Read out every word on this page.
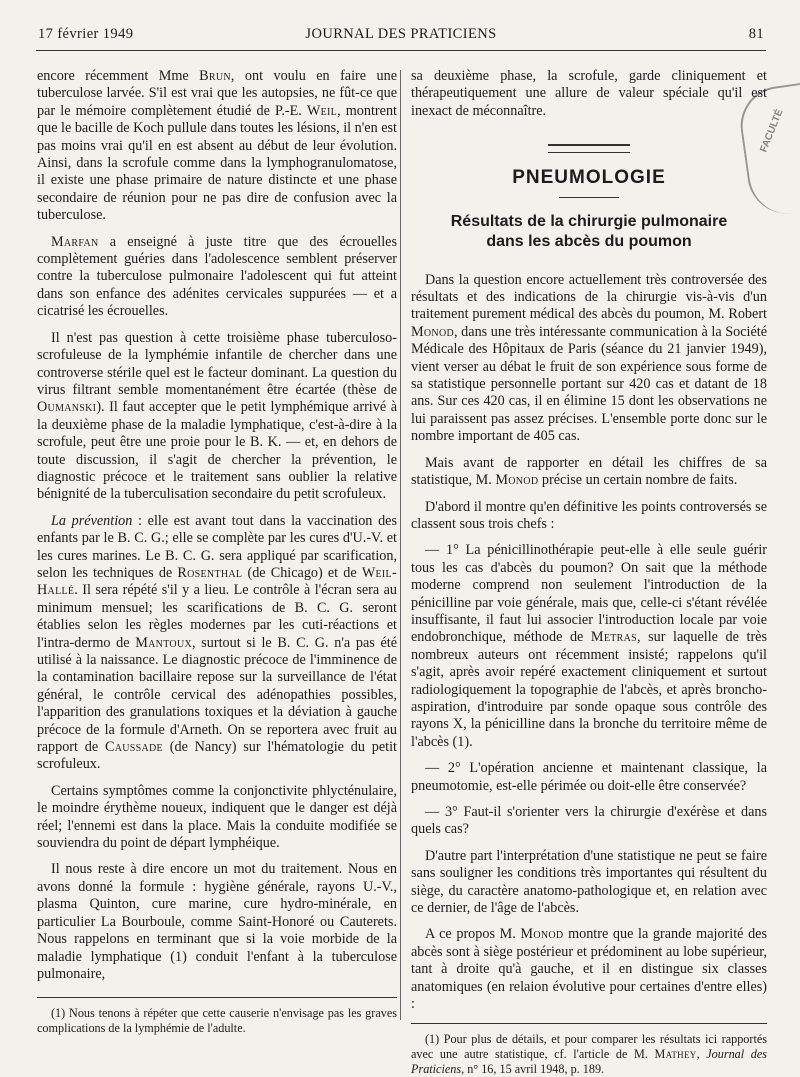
17 février 1949	JOURNAL DES PRATICIENS	81
FACULTÉ

encore récemment Mme Brun, ont voulu en faire une tuberculose larvée. S'il est vrai que les autopsies, ne fût-ce que par le mémoire complètement étudié de P.-E. Weil, montrent que le bacille de Koch pullule dans toutes les lésions, il n'en est pas moins vrai qu'il en est absent au début de leur évolution. Ainsi, dans la scrofule comme dans la lymphogranulomatose, il existe une phase primaire de nature distincte et une phase secondaire de réunion pour ne pas dire de confusion avec la tuberculose.

Marfan a enseigné à juste titre que des écrouelles complètement guéries dans l'adolescence semblent préserver contre la tuberculose pulmonaire l'adolescent qui fut atteint dans son enfance des adénites cervicales suppurées — et a cicatrisé les écrouelles.

Il n'est pas question à cette troisième phase tuberculoso-scrofuleuse de la lymphémie infantile de chercher dans une controverse stérile quel est le facteur dominant. La question du virus filtrant semble momentanément être écartée (thèse de Oumanski). Il faut accepter que le petit lymphémique arrivé à la deuxième phase de la maladie lymphatique, c'est-à-dire à la scrofule, peut être une proie pour le B. K. — et, en dehors de toute discussion, il s'agit de chercher la prévention, le diagnostic précoce et le traitement sans oublier la relative bénignité de la tuberculisation secondaire du petit scrofuleux.

La prévention : elle est avant tout dans la vaccination des enfants par le B. C. G.; elle se complète par les cures d'U.-V. et les cures marines. Le B. C. G. sera appliqué par scarification, selon les techniques de Rosenthal (de Chicago) et de Weil-Hallé. Il sera répété s'il y a lieu. Le contrôle à l'écran sera au minimum mensuel; les scarifications de B. C. G. seront établies selon les règles modernes par les cuti-réactions et l'intra-dermo de Mantoux, surtout si le B. C. G. n'a pas été utilisé à la naissance. Le diagnostic précoce de l'imminence de la contamination bacillaire repose sur la surveillance de l'état général, le contrôle cervical des adénopathies possibles, l'apparition des granulations toxiques et la déviation à gauche précoce de la formule d'Arneth. On se reportera avec fruit au rapport de Caussade (de Nancy) sur l'hématologie du petit scrofuleux.

Certains symptômes comme la conjonctivite phlycténulaire, le moindre érythème noueux, indiquent que le danger est déjà réel; l'ennemi est dans la place. Mais la conduite modifiée se souviendra du point de départ lymphéique.

Il nous reste à dire encore un mot du traitement. Nous en avons donné la formule : hygiène générale, rayons U.-V., plasma Quinton, cure marine, cure hydro-minérale, en particulier La Bourboule, comme Saint-Honoré ou Cauterets. Nous rappelons en terminant que si la voie morbide de la maladie lymphatique (1) conduit l'enfant à la tuberculose pulmonaire,

(1) Nous tenons à répéter que cette causerie n'envisage pas les graves complications de la lymphémie de l'adulte.

sa deuxième phase, la scrofule, garde cliniquement et thérapeutiquement une allure de valeur spéciale qu'il est inexact de méconnaître.

PNEUMOLOGIE
Résultats de la chirurgie pulmonaire
dans les abcès du poumon

Dans la question encore actuellement très controversée des résultats et des indications de la chirurgie vis-à-vis d'un traitement purement médical des abcès du poumon, M. Robert Monod, dans une très intéressante communication à la Société Médicale des Hôpitaux de Paris (séance du 21 janvier 1949), vient verser au débat le fruit de son expérience sous forme de sa statistique personnelle portant sur 420 cas et datant de 18 ans. Sur ces 420 cas, il en élimine 15 dont les observations ne lui paraissent pas assez précises. L'ensemble porte donc sur le nombre important de 405 cas.

Mais avant de rapporter en détail les chiffres de sa statistique, M. Monod précise un certain nombre de faits.

D'abord il montre qu'en définitive les points controversés se classent sous trois chefs :

— 1° La pénicillinothérapie peut-elle à elle seule guérir tous les cas d'abcès du poumon? On sait que la méthode moderne comprend non seulement l'introduction de la pénicilline par voie générale, mais que, celle-ci s'étant révélée insuffisante, il faut lui associer l'introduction locale par voie endobronchique, méthode de Metras, sur laquelle de très nombreux auteurs ont récemment insisté; rappelons qu'il s'agit, après avoir repéré exactement cliniquement et surtout radiologiquement la topographie de l'abcès, et après broncho-aspiration, d'introduire par sonde opaque sous contrôle des rayons X, la pénicilline dans la bronche du territoire même de l'abcès (1).

— 2° L'opération ancienne et maintenant classique, la pneumotomie, est-elle périmée ou doit-elle être conservée?

— 3° Faut-il s'orienter vers la chirurgie d'exérèse et dans quels cas?

D'autre part l'interprétation d'une statistique ne peut se faire sans souligner les conditions très importantes qui résultent du siège, du caractère anatomo-pathologique et, en relation avec ce dernier, de l'âge de l'abcès.

A ce propos M. Monod montre que la grande majorité des abcès sont à siège postérieur et prédominent au lobe supérieur, tant à droite qu'à gauche, et il en distingue six classes anatomiques (en relaion évolutive pour certaines d'entre elles) :

(1) Pour plus de détails, et pour comparer les résultats ici rapportés avec une autre statistique, cf. l'article de M. Mathey, Journal des Praticiens, n° 16, 15 avril 1948, p. 189.
